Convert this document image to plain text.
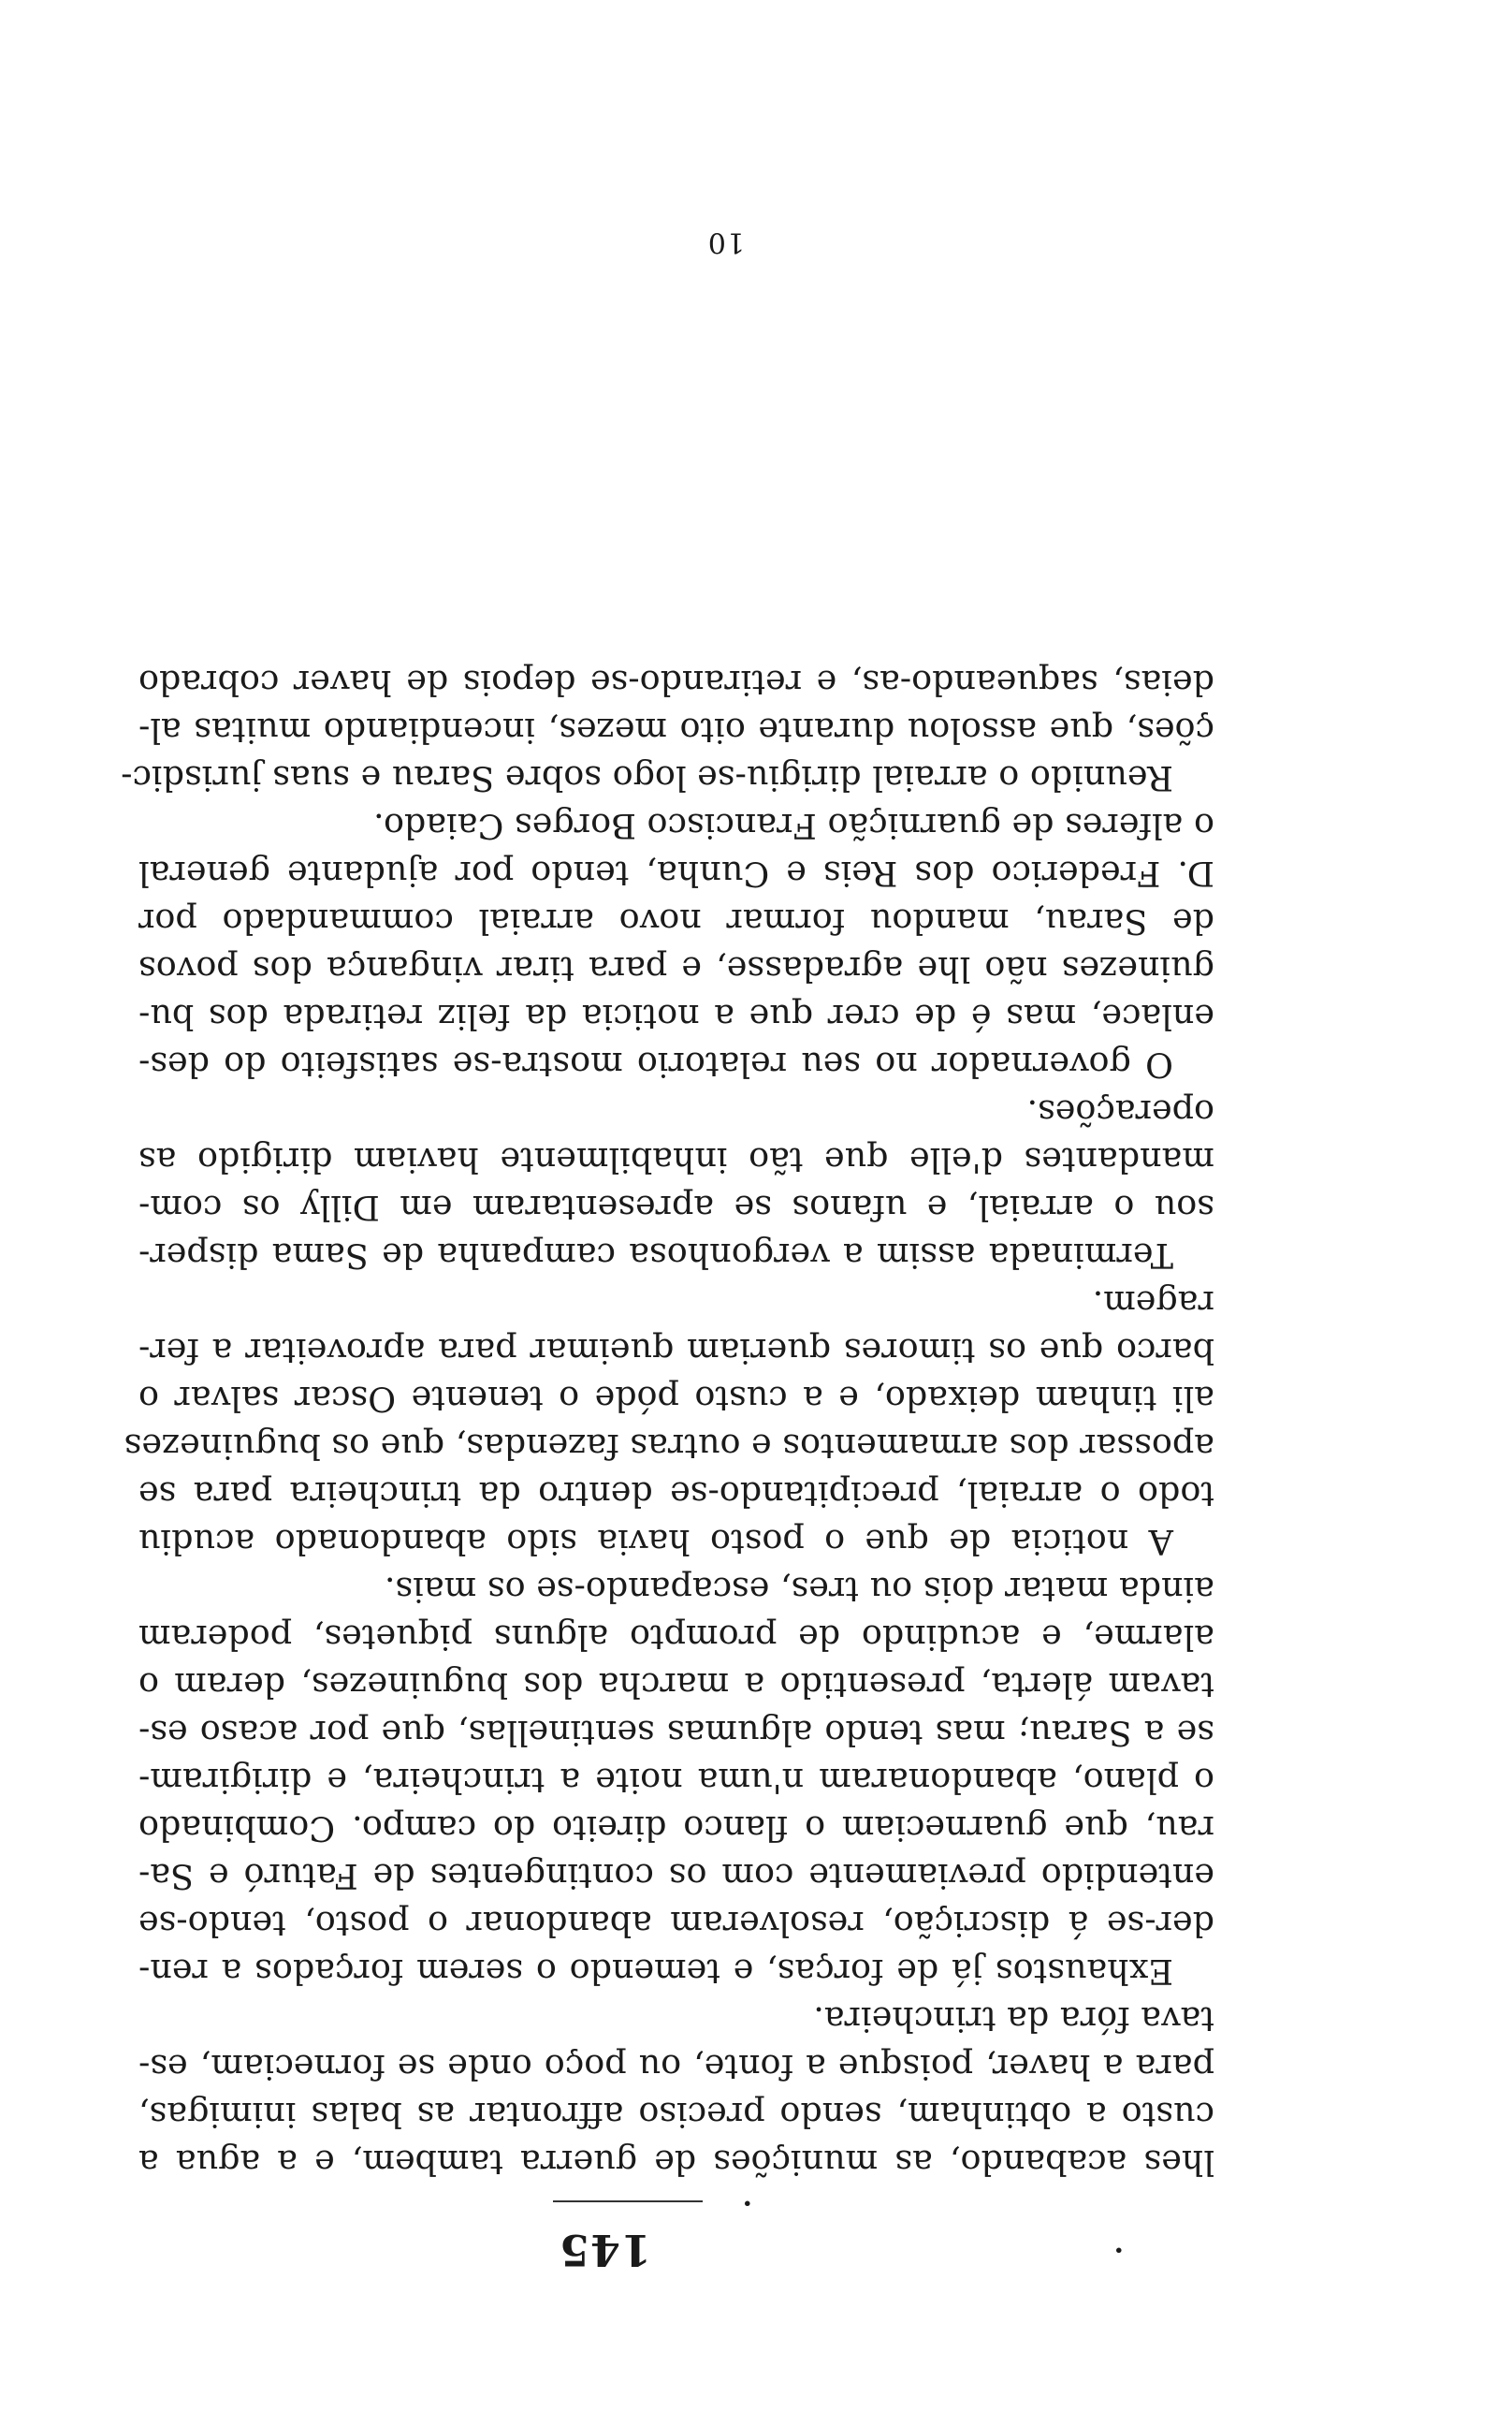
·
145
·
lhes acabando, as munições de guerra tambem, e a agua a
custo a obtinham, sendo preciso affrontar as balas inimigas,
para a haver, poisque a fonte, ou poço onde se forneciam, es-
tava fóra da trincheira.
Exhaustos já de forças, e temendo o serem forçados a ren-
der-se á discrição, resolveram abandonar o posto, tendo-se
entendido previamente com os contingentes de Faturó e Sa-
rau, que guarneciam o flanco direito do campo. Combinado
o plano, abandonaram n'uma noite a trincheira, e dirigiram-
se a Sarau; mas tendo algumas sentinellas, que por acaso es-
tavam álerta, presentido a marcha dos buguinezes, deram o
alarme, e acudindo de prompto alguns piquetes, poderam
ainda matar dois ou tres, escapando-se os mais.
A noticia de que o posto havia sido abandonado acudiu
todo o arraial, precipitando-se dentro da trincheira para se
apossar dos armamentos e outras fazendas, que os buguinezes
ali tinham deixado, e a custo póde o tenente Oscar salvar o
barco que os timores queriam queimar para aproveitar a fer-
ragem.
Terminada assim a vergonhosa campanha de Sama disper-
sou o arraial, e ufanos se apresentaram em Dilly os com-
mandantes d'elle que tão inhabilmente haviam dirigido as
operações.
O governador no seu relatorio mostra-se satisfeito do des-
enlace, mas é de crer que a noticia da feliz retirada dos bu-
guinezes não lhe agradasse, e para tirar vingança dos povos
de Sarau, mandou formar novo arraial commandado por
D. Frederico dos Reis e Cunha, tendo por ajudante general
o alferes de guarnição Francisco Borges Caiado.
Reunido o arraial dirigiu-se logo sobre Sarau e suas jurisdic-
ções, que assolou durante oito mezes, incendiando muitas al-
deias, saqueando-as, e retirando-se depois de haver cobrado
10
